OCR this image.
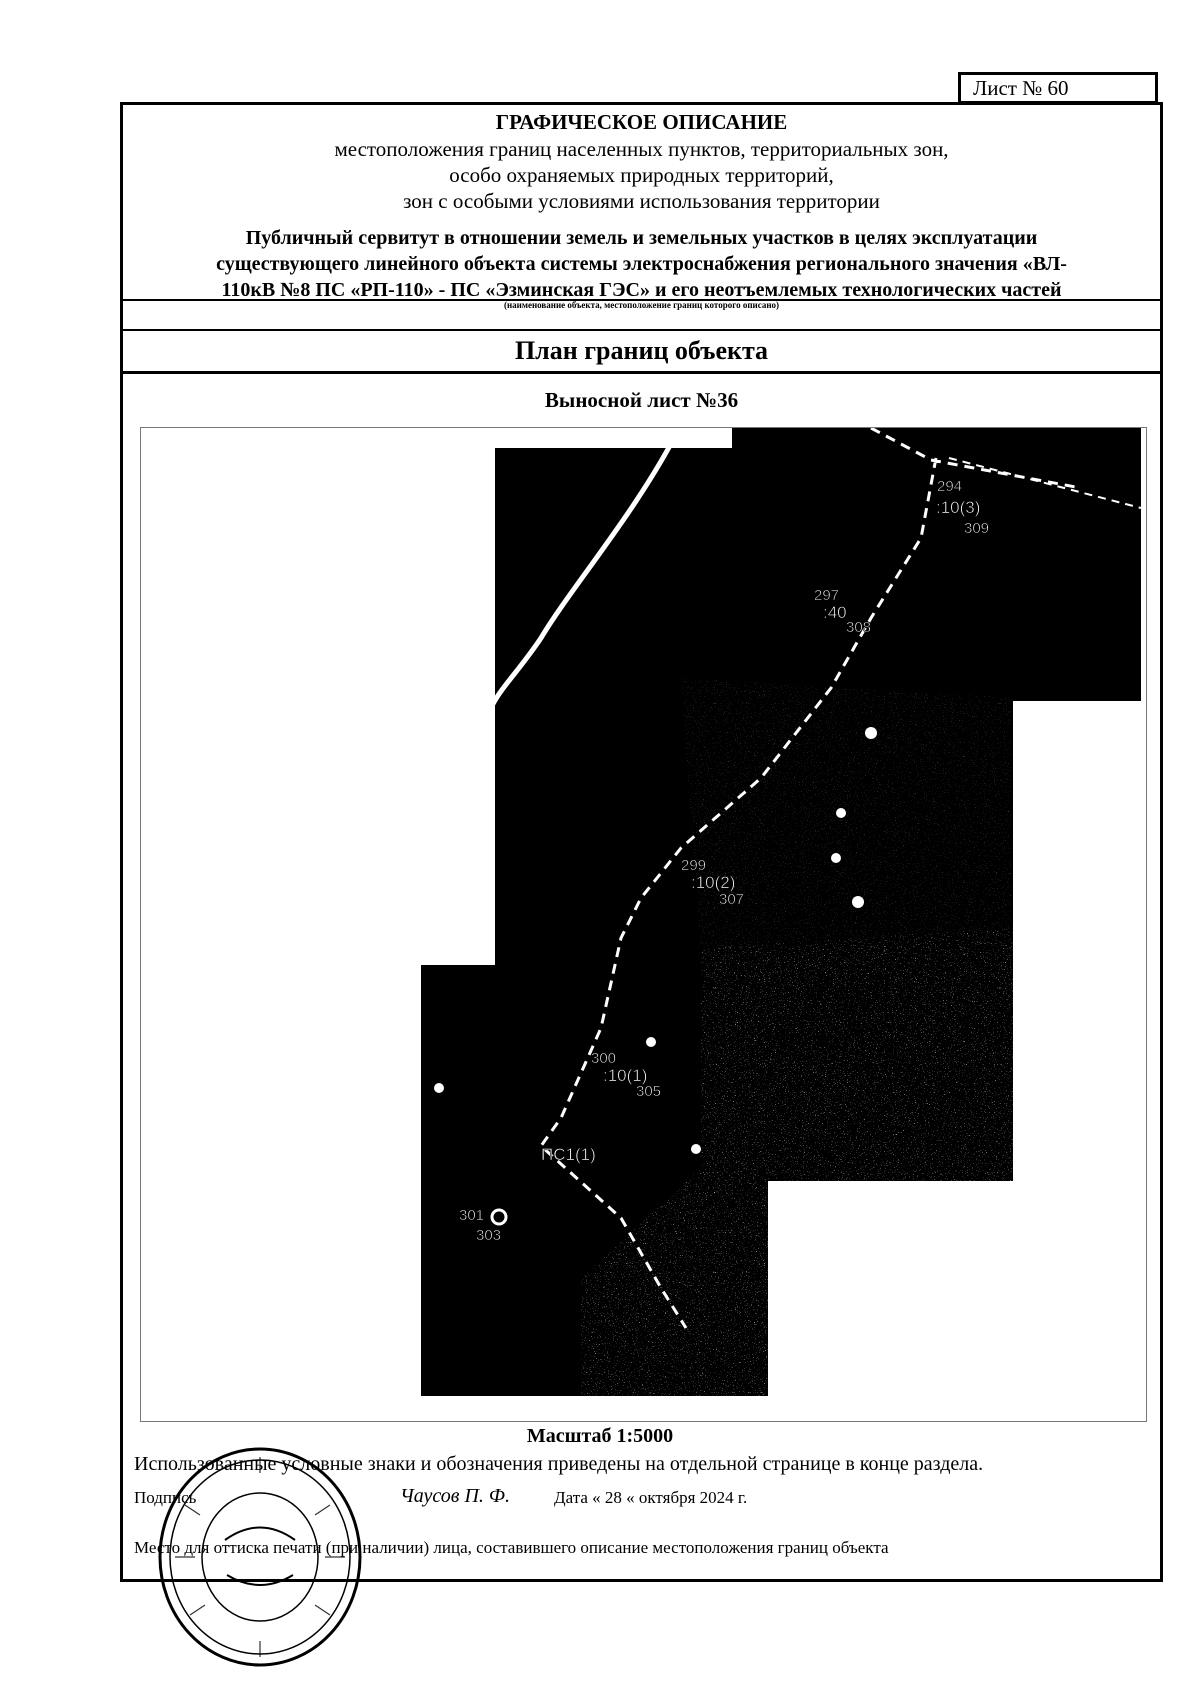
Лист № 60
ГРАФИЧЕСКОЕ ОПИСАНИЕ
местоположения границ населенных пунктов, территориальных зон,
особо охраняемых природных территорий,
зон с особыми условиями использования территории
Публичный сервитут в отношении земель и земельных участков в целях эксплуатации
существующего линейного объекта системы электроснабжения регионального значения «ВЛ-
110кВ №8 ПС «РП-110» - ПС «Эзминская ГЭС» и его неотъемлемых технологических частей
(наименование объекта, местоположение границ которого описано)
План границ объекта
Выносной лист №36
294
:10(3)
309
297
:40
308
299
:10(2)
307
300
:10(1)
305
ПС1(1)
301
303
Масштаб 1:5000
Использованные условные знаки и обозначения приведены на отдельной странице в конце раздела.
Подпись	Чаусов П. Ф.	Дата « 28 « октября 2024 г.
Место для оттиска печати (при наличии) лица, составившего описание местоположения границ объекта
